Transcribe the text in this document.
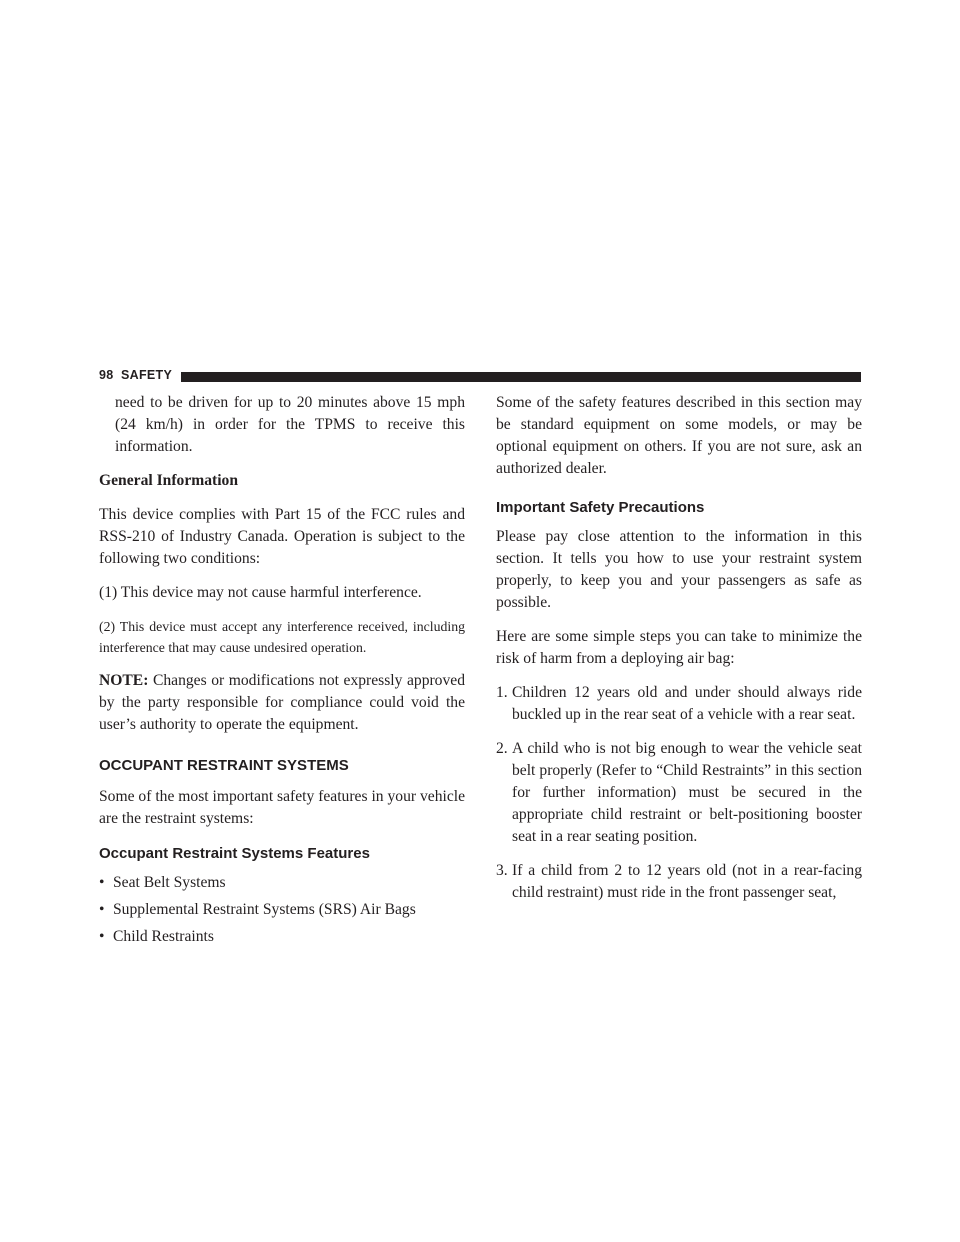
98 SAFETY

need to be driven for up to 20 minutes above 15 mph (24 km/h) in order for the TPMS to receive this information.

General Information

This device complies with Part 15 of the FCC rules and RSS-210 of Industry Canada. Operation is subject to the following two conditions:

(1) This device may not cause harmful interference.

(2) This device must accept any interference received, including interference that may cause undesired operation.

NOTE: Changes or modifications not expressly approved by the party responsible for compliance could void the user’s authority to operate the equipment.

OCCUPANT RESTRAINT SYSTEMS

Some of the most important safety features in your vehicle are the restraint systems:

Occupant Restraint Systems Features
• Seat Belt Systems
• Supplemental Restraint Systems (SRS) Air Bags
• Child Restraints

Some of the safety features described in this section may be standard equipment on some models, or may be optional equipment on others. If you are not sure, ask an authorized dealer.

Important Safety Precautions

Please pay close attention to the information in this section. It tells you how to use your restraint system properly, to keep you and your passengers as safe as possible.

Here are some simple steps you can take to minimize the risk of harm from a deploying air bag:

1. Children 12 years old and under should always ride buckled up in the rear seat of a vehicle with a rear seat.
2. A child who is not big enough to wear the vehicle seat belt properly (Refer to “Child Restraints” in this section for further information) must be secured in the appropriate child restraint or belt-positioning booster seat in a rear seating position.
3. If a child from 2 to 12 years old (not in a rear-facing child restraint) must ride in the front passenger seat,
